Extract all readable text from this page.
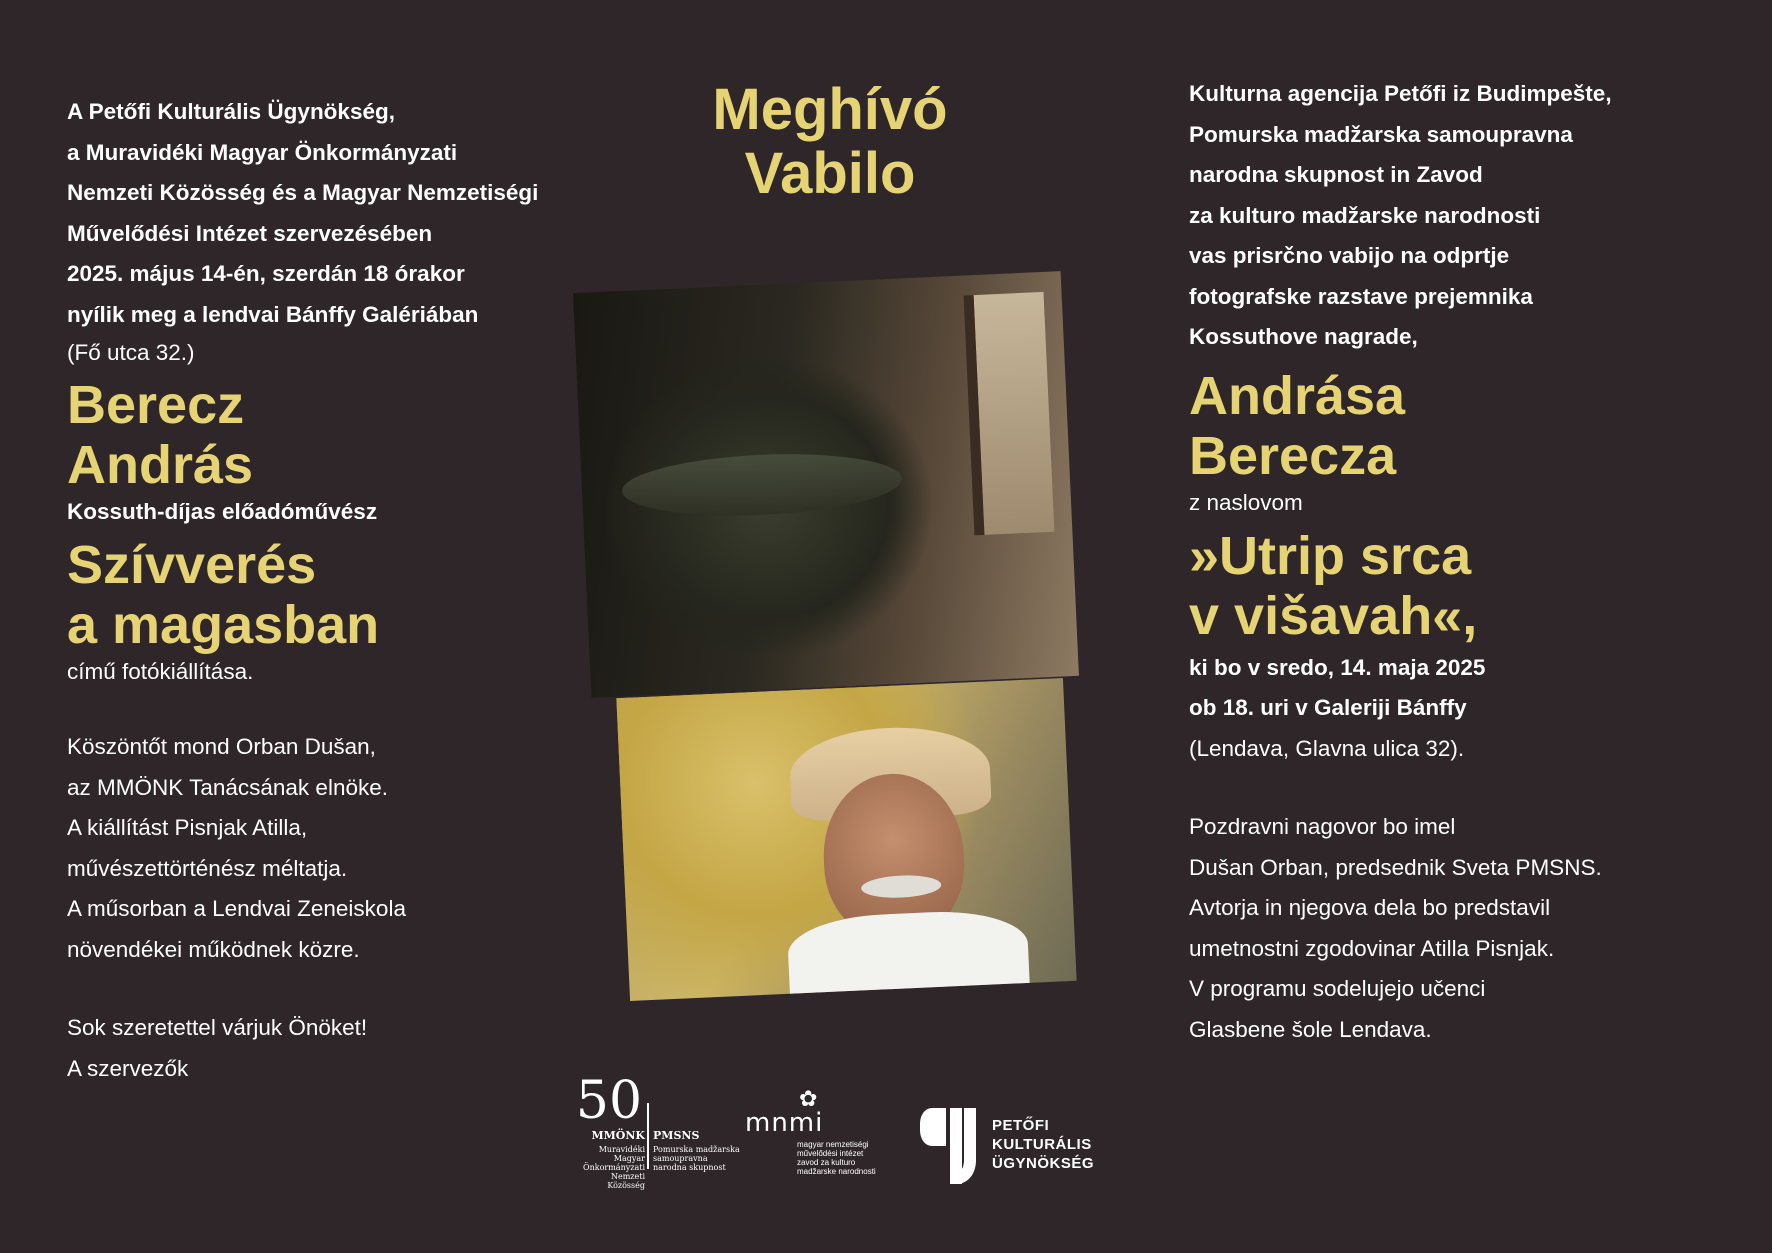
A Petőfi Kulturális Ügynökség,

a Muravidéki Magyar Önkormányzati

Nemzeti Közösség és a Magyar Nemzetiségi

Művelődési Intézet szervezésében

2025. május 14-én, szerdán 18 órakor

nyílik meg a lendvai Bánffy Galériában

(Fő utca 32.)

Berecz

András

Kossuth-díjas előadóművész

Szívverés

a magasban

című fotókiállítása.

Köszöntőt mond Orban Dušan,

az MMÖNK Tanácsának elnöke.

A kiállítást Pisnjak Atilla,

művészettörténész méltatja.

A műsorban a Lendvai Zeneiskola

növendékei működnek közre.

Sok szeretettel várjuk Önöket!

A szervezők

Meghívó
Vabilo

Kulturna agencija Petőfi iz Budimpešte,

Pomurska madžarska samoupravna

narodna skupnost in Zavod

za kulturo madžarske narodnosti

vas prisrčno vabijo na odprtje

fotografske razstave prejemnika

Kossuthove nagrade,

Andrása

Berecza

z naslovom

»Utrip srca

v višavah«,

ki bo v sredo, 14. maja 2025

ob 18. uri v Galeriji Bánffy

(Lendava, Glavna ulica 32).

Pozdravni nagovor bo imel

Dušan Orban, predsednik Sveta PMSNS.

Avtorja in njegova dela bo predstavil

umetnostni zgodovinar Atilla Pisnjak.

V programu sodelujejo učenci

Glasbene šole Lendava.

50
MMÖNK PMSNS
Muravidéki Magyar
Önkormányzati
Nemzeti Közösség
Pomurska madžarska
samoupravna
narodna skupnost
✿
mnmi
magyar nemzetiségi
művelődési intézet
zavod za kulturo
madžarske narodnosti
PETŐFI
KULTURÁLIS
ÜGYNÖKSÉG
